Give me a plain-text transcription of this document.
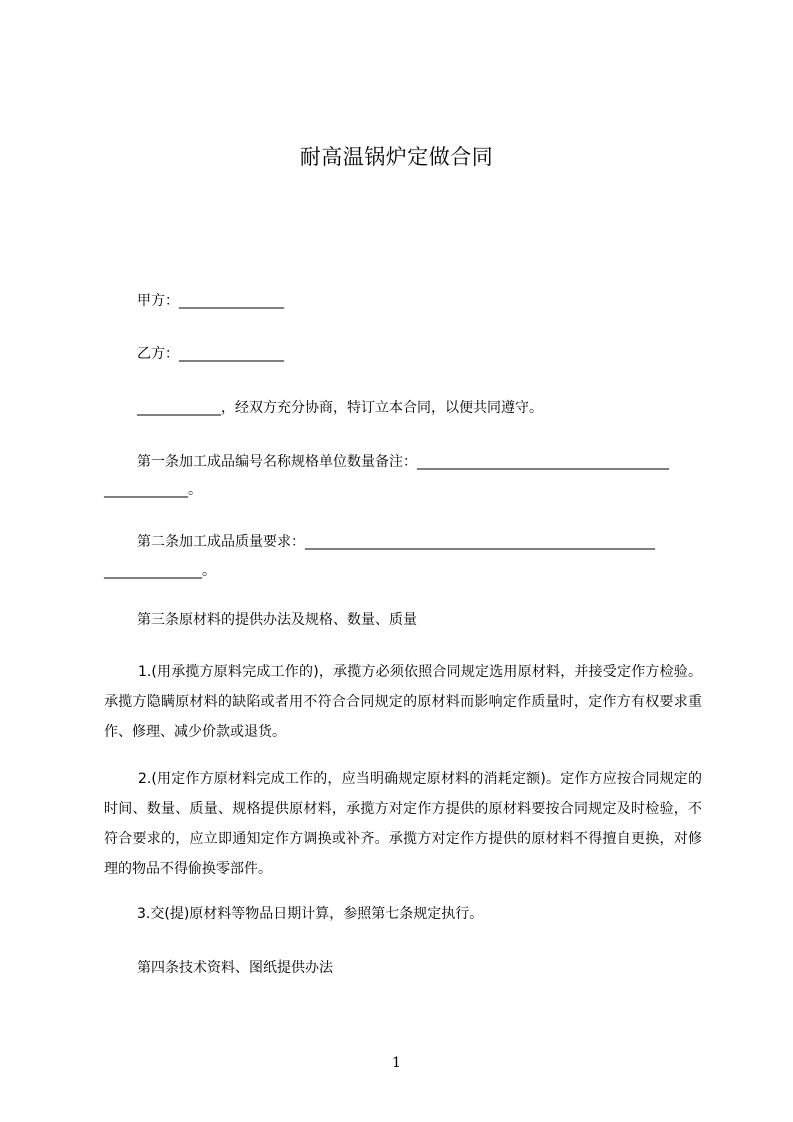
耐高温锅炉定做合同
甲方：_______________
乙方：_______________
____________，经双方充分协商，特订立本合同，以便共同遵守。
第一条加工成品编号名称规格单位数量备注：____________________________________
____________。
第二条加工成品质量要求：__________________________________________________
______________。
第三条原材料的提供办法及规格、数量、质量
1.(用承揽方原料完成工作的)，承揽方必须依照合同规定选用原材料，并接受定作方检验。承揽方隐瞒原材料的缺陷或者用不符合合同规定的原材料而影响定作质量时，定作方有权要求重作、修理、减少价款或退货。
2.(用定作方原材料完成工作的，应当明确规定原材料的消耗定额)。定作方应按合同规定的时间、数量、质量、规格提供原材料，承揽方对定作方提供的原材料要按合同规定及时检验，不符合要求的，应立即通知定作方调换或补齐。承揽方对定作方提供的原材料不得擅自更换，对修理的物品不得偷换零部件。
3.交(提)原材料等物品日期计算，参照第七条规定执行。
第四条技术资料、图纸提供办法
1
